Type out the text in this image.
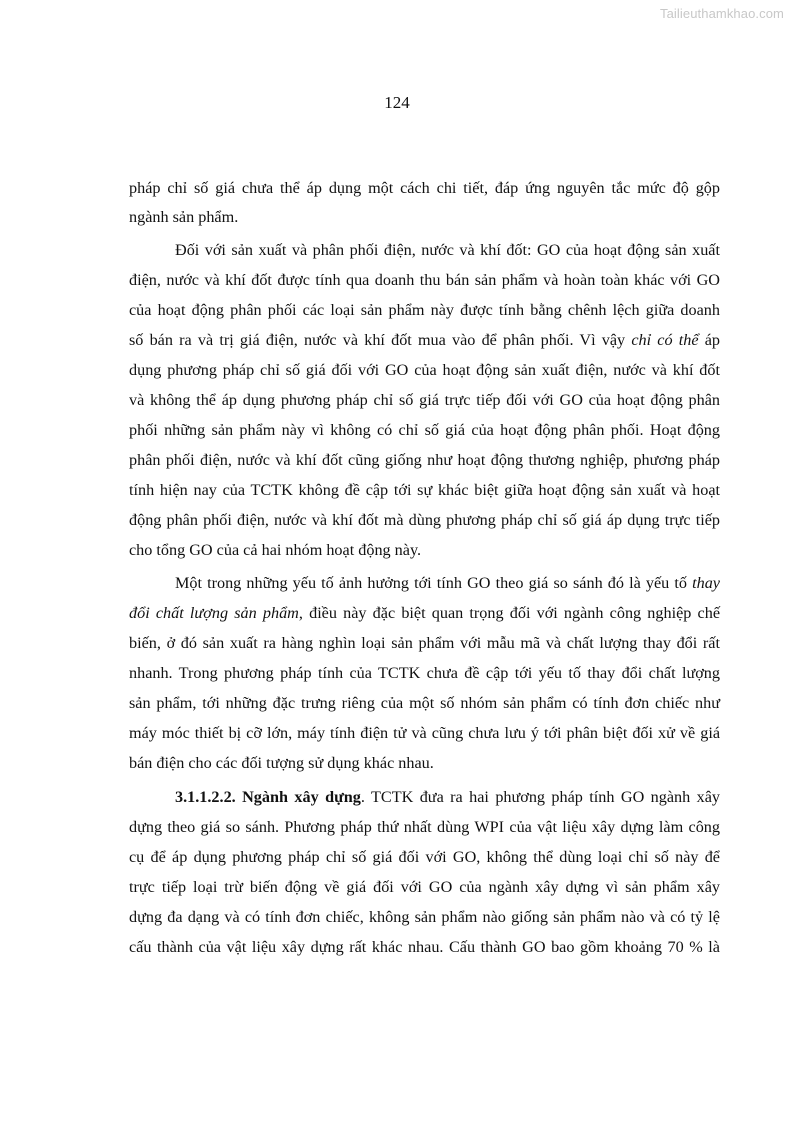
Tailieuthamkhao.com
124
pháp chỉ số giá chưa thể áp dụng một cách chi tiết, đáp ứng nguyên tắc mức độ gộp
ngành sản phẩm.
Đối với sản xuất và phân phối điện, nước và khí đốt: GO của hoạt động sản xuất
điện, nước và khí đốt được tính qua doanh thu bán sản phẩm và hoàn toàn khác với GO
của hoạt động phân phối các loại sản phẩm này được tính bằng chênh lệch giữa doanh
số bán ra và trị giá điện, nước và khí đốt mua vào để phân phối. Vì vậy chỉ có thể áp
dụng phương pháp chỉ số giá đối với GO của hoạt động sản xuất điện, nước và khí đốt
và không thể áp dụng phương pháp chỉ số giá trực tiếp đối với GO của hoạt động phân
phối những sản phẩm này vì không có chỉ số giá của hoạt động phân phối. Hoạt động
phân phối điện, nước và khí đốt cũng giống như hoạt động thương nghiệp, phương pháp
tính hiện nay của TCTK không đề cập tới sự khác biệt giữa hoạt động sản xuất và hoạt
động phân phối điện, nước và khí đốt mà dùng phương pháp chỉ số giá áp dụng trực tiếp
cho tổng GO của cả hai nhóm hoạt động này.
Một trong những yếu tố ảnh hưởng tới tính GO theo giá so sánh đó là yếu tố thay
đổi chất lượng sản phẩm, điều này đặc biệt quan trọng đối với ngành công nghiệp chế
biến, ở đó sản xuất ra hàng nghìn loại sản phẩm với mẫu mã và chất lượng thay đổi rất
nhanh. Trong phương pháp tính của TCTK chưa đề cập tới yếu tố thay đổi chất lượng
sản phẩm, tới những đặc trưng riêng của một số nhóm sản phẩm có tính đơn chiếc như
máy móc thiết bị cỡ lớn, máy tính điện tử và cũng chưa lưu ý tới phân biệt đối xử về giá
bán điện cho các đối tượng sử dụng khác nhau.
3.1.1.2.2. Ngành xây dựng. TCTK đưa ra hai phương pháp tính GO ngành xây
dựng theo giá so sánh. Phương pháp thứ nhất dùng WPI của vật liệu xây dựng làm công
cụ để áp dụng phương pháp chỉ số giá đối với GO, không thể dùng loại chỉ số này để
trực tiếp loại trừ biến động về giá đối với GO của ngành xây dựng vì sản phẩm xây
dựng đa dạng và có tính đơn chiếc, không sản phẩm nào giống sản phẩm nào và có tỷ lệ
cấu thành của vật liệu xây dựng rất khác nhau. Cấu thành GO bao gồm khoảng 70 % là
